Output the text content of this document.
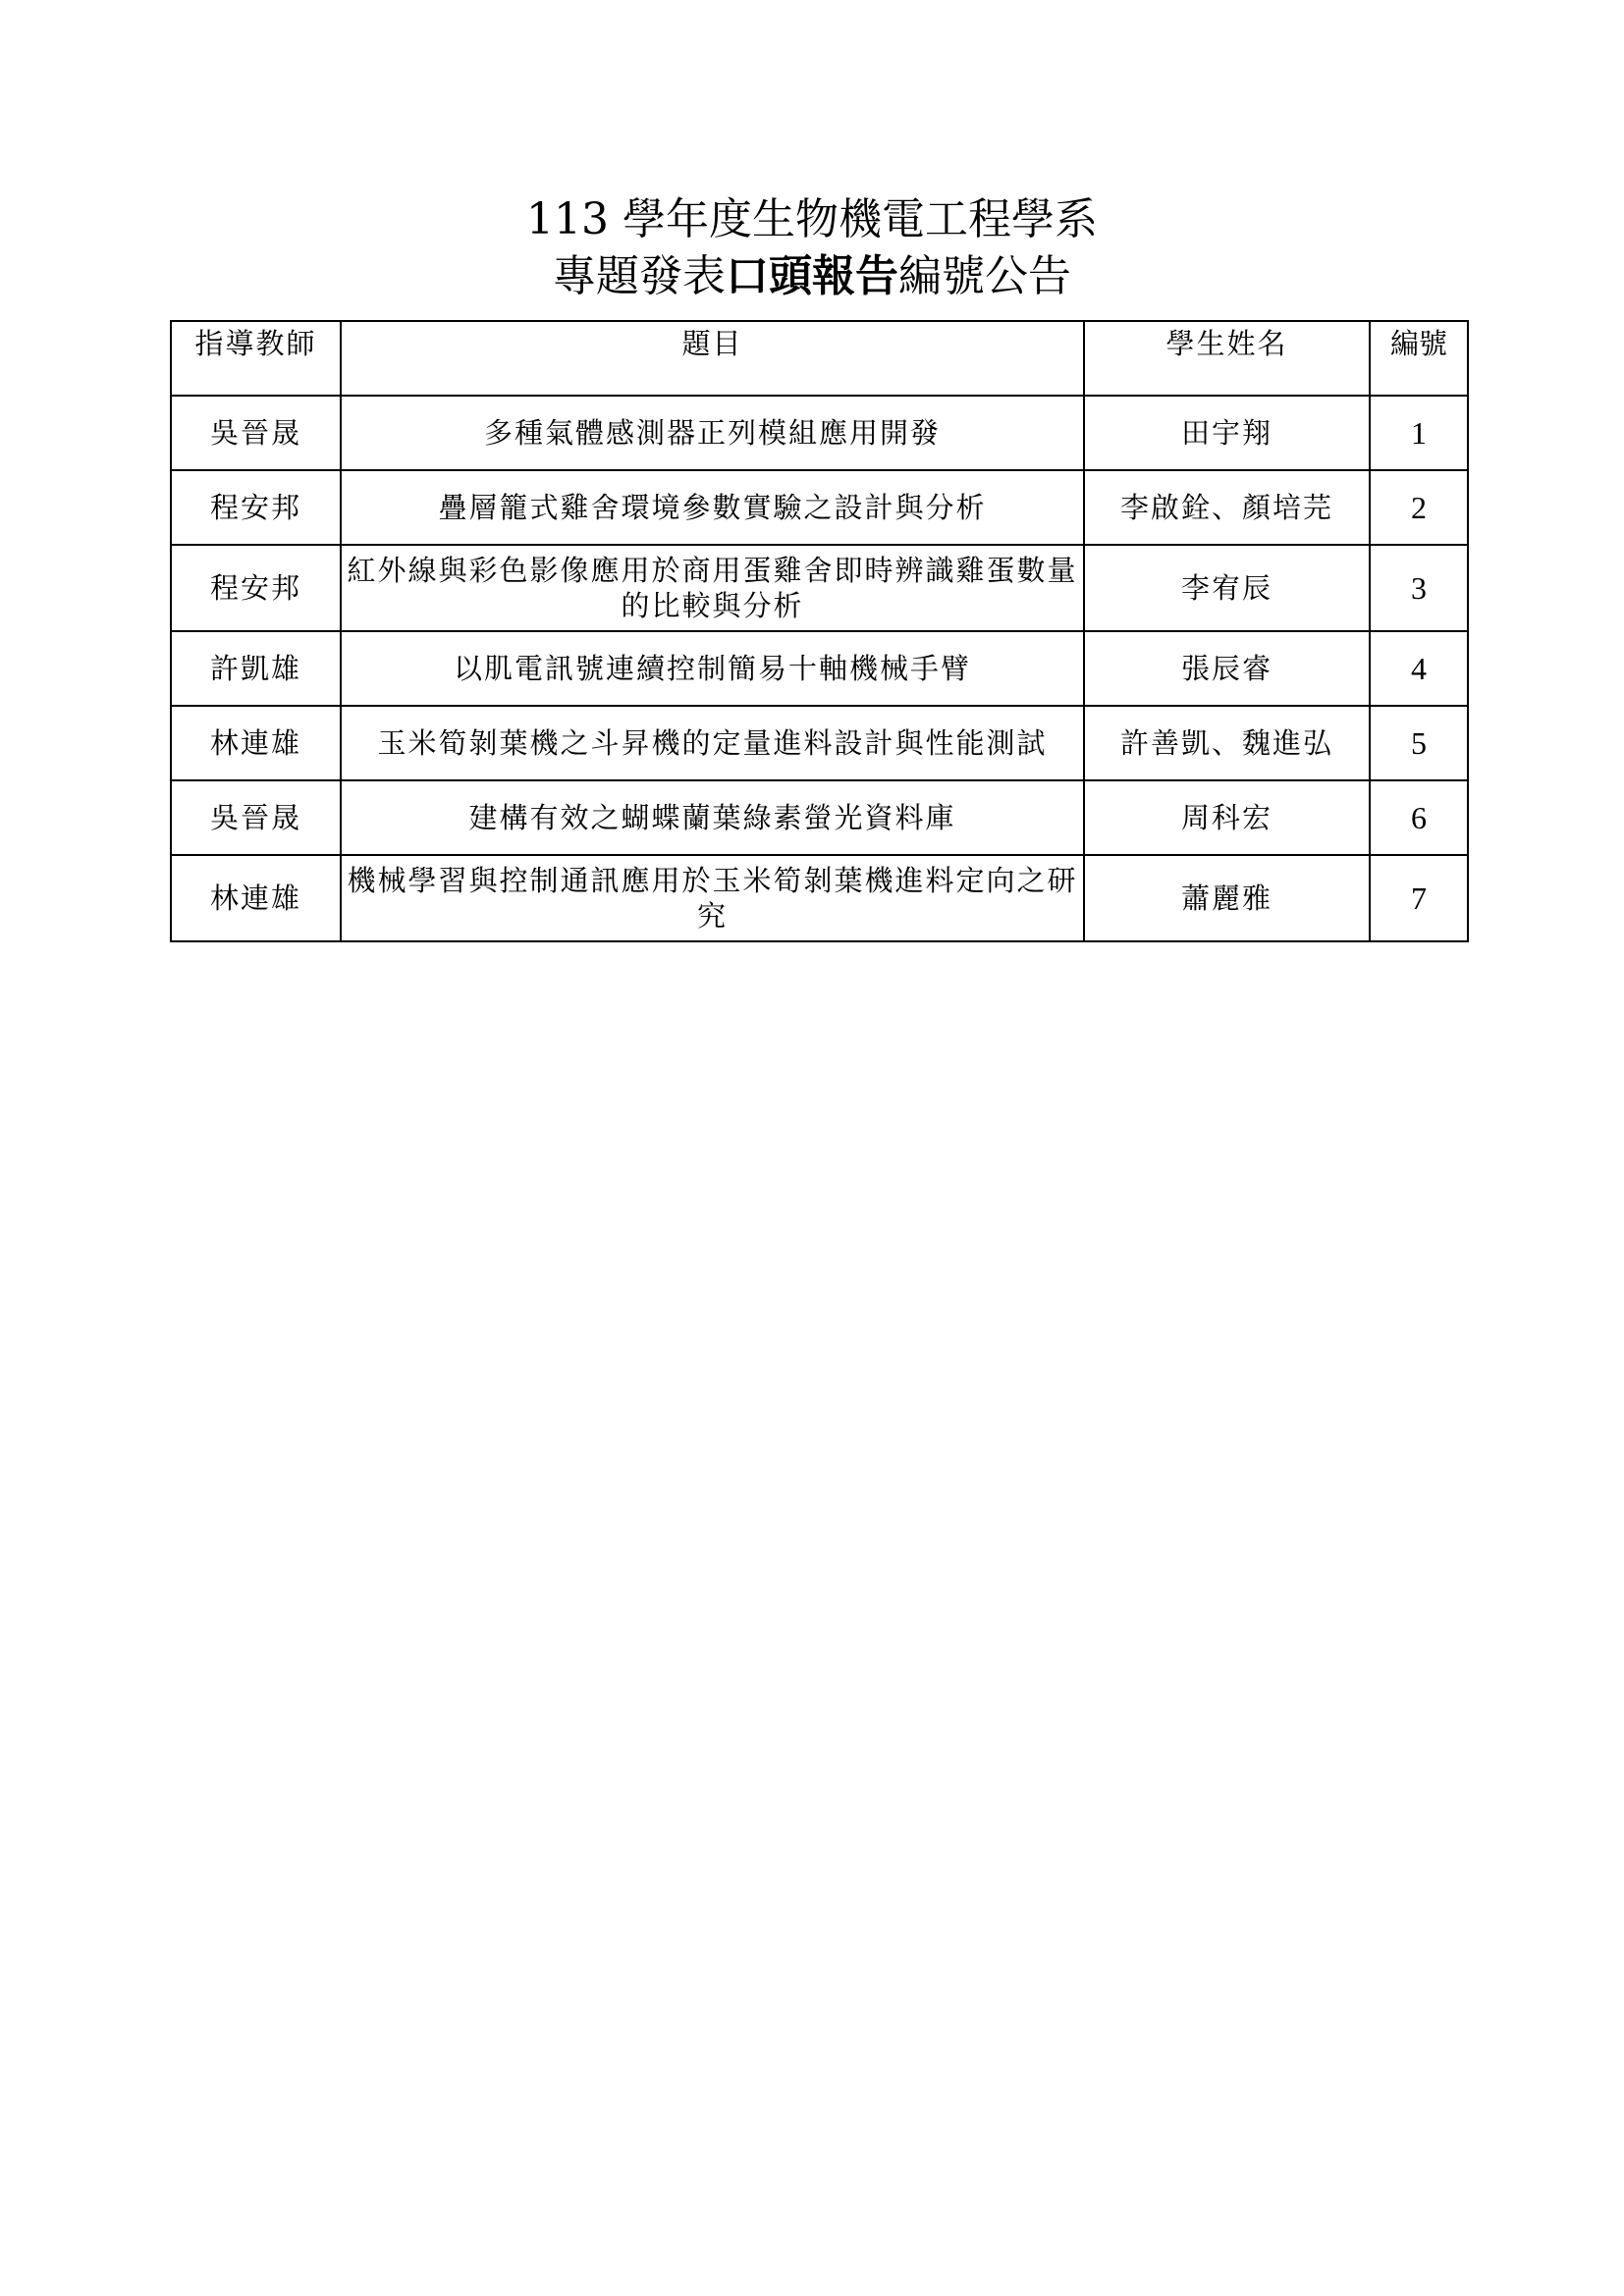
113 學年度生物機電工程學系
專題發表口頭報告編號公告
指導教師	題目	學生姓名	編號
吳晉晟	多種氣體感測器正列模組應用開發	田宇翔	1
程安邦	疊層籠式雞舍環境參數實驗之設計與分析	李啟銓、顏培芫	2
程安邦	紅外線與彩色影像應用於商用蛋雞舍即時辨識雞蛋數量的比較與分析	李宥辰	3
許凱雄	以肌電訊號連續控制簡易十軸機械手臂	張辰睿	4
林連雄	玉米筍剝葉機之斗昇機的定量進料設計與性能測試	許善凱、魏進弘	5
吳晉晟	建構有效之蝴蝶蘭葉綠素螢光資料庫	周科宏	6
林連雄	機械學習與控制通訊應用於玉米筍剝葉機進料定向之研究	蕭麗雅	7
